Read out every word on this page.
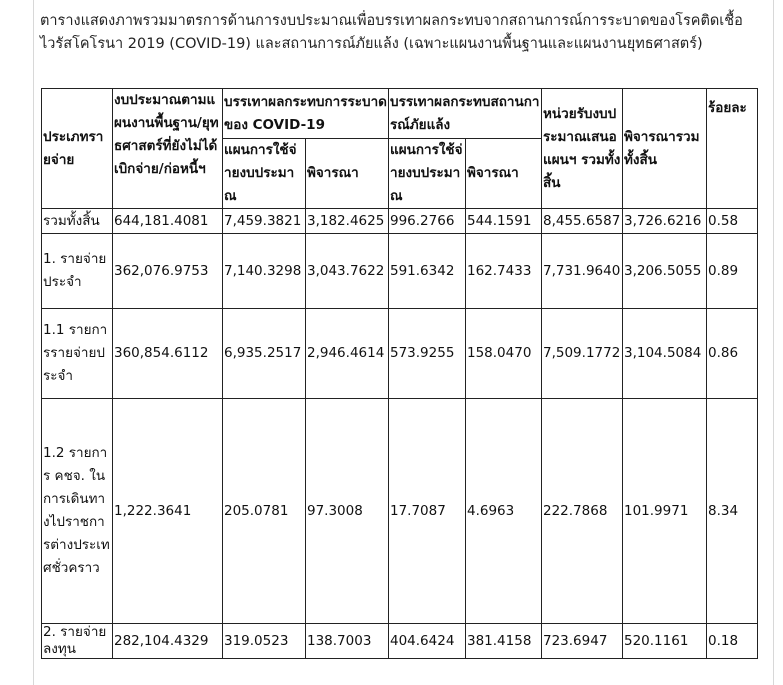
ตารางแสดงภาพรวมมาตรการด้านการงบประมาณเพื่อบรรเทาผลกระทบจากสถานการณ์การระบาดของโรคติดเชื้อไวรัสโคโรนา 2019 (COVID-19) และสถานการณ์ภัยแล้ง (เฉพาะแผนงานพื้นฐานและแผนงานยุทธศาสตร์)
ประเภทรายจ่าย	งบประมาณตามแผนงานพื้นฐาน/ยุทธศาสตร์ที่ยังไม่ได้เบิกจ่าย/ก่อหนี้ฯ	บรรเทาผลกระทบการระบาดของ COVID-19		บรรเทาผลกระทบสถานการณ์ภัยแล้ง		หน่วยรับงบประมาณเสนอแผนฯ รวมทั้งสิ้น	พิจารณารวมทั้งสิ้น	ร้อยละ
		แผนการใช้จ่ายงบประมาณ	พิจารณา	แผนการใช้จ่ายงบประมาณ	พิจารณา			
รวมทั้งสิ้น	644,181.4081	7,459.3821	3,182.4625	996.2766	544.1591	8,455.6587	3,726.6216	0.58
1. รายจ่ายประจำ	362,076.9753	7,140.3298	3,043.7622	591.6342	162.7433	7,731.9640	3,206.5055	0.89
1.1 รายการรายจ่ายประจำ	360,854.6112	6,935.2517	2,946.4614	573.9255	158.0470	7,509.1772	3,104.5084	0.86
1.2 รายการ คชจ. ในการเดินทางไปราชการต่างประเทศชั่วคราว	1,222.3641	205.0781	97.3008	17.7087	4.6963	222.7868	101.9971	8.34
2. รายจ่ายลงทุน	282,104.4329	319.0523	138.7003	404.6424	381.4158	723.6947	520.1161	0.18
